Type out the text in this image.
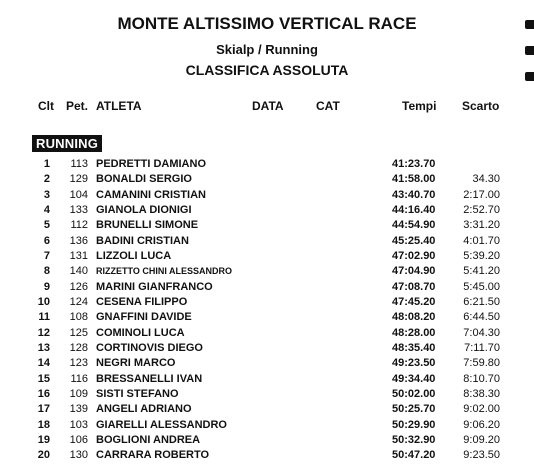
MONTE ALTISSIMO VERTICAL RACE
Skialp / Running
CLASSIFICA ASSOLUTA
Clt Pet. ATLETA	DATA	CAT	Tempi Scarto
RUNNING
1	113 PEDRETTI DAMIANO	41:23.70
2	129 BONALDI SERGIO	41:58.00	34.30
3	104 CAMANINI CRISTIAN	43:40.70	2:17.00
4	133 GIANOLA DIONIGI	44:16.40	2:52.70
5	112 BRUNELLI SIMONE	44:54.90	3:31.20
6	136 BADINI CRISTIAN	45:25.40	4:01.70
7	131 LIZZOLI LUCA	47:02.90	5:39.20
8	140 RIZZETTO CHINI ALESSANDRO	47:04.90	5:41.20
9	126 MARINI GIANFRANCO	47:08.70	5:45.00
10	124 CESENA FILIPPO	47:45.20	6:21.50
11	108 GNAFFINI DAVIDE	48:08.20	6:44.50
12	125 COMINOLI LUCA	48:28.00	7:04.30
13	128 CORTINOVIS DIEGO	48:35.40	7:11.70
14	123 NEGRI MARCO	49:23.50	7:59.80
15	116 BRESSANELLI IVAN	49:34.40	8:10.70
16	109 SISTI STEFANO	50:02.00	8:38.30
17	139 ANGELI ADRIANO	50:25.70	9:02.00
18	103 GIARELLI ALESSANDRO	50:29.90	9:06.20
19	106 BOGLIONI ANDREA	50:32.90	9:09.20
20	130 CARRARA ROBERTO	50:47.20	9:23.50
